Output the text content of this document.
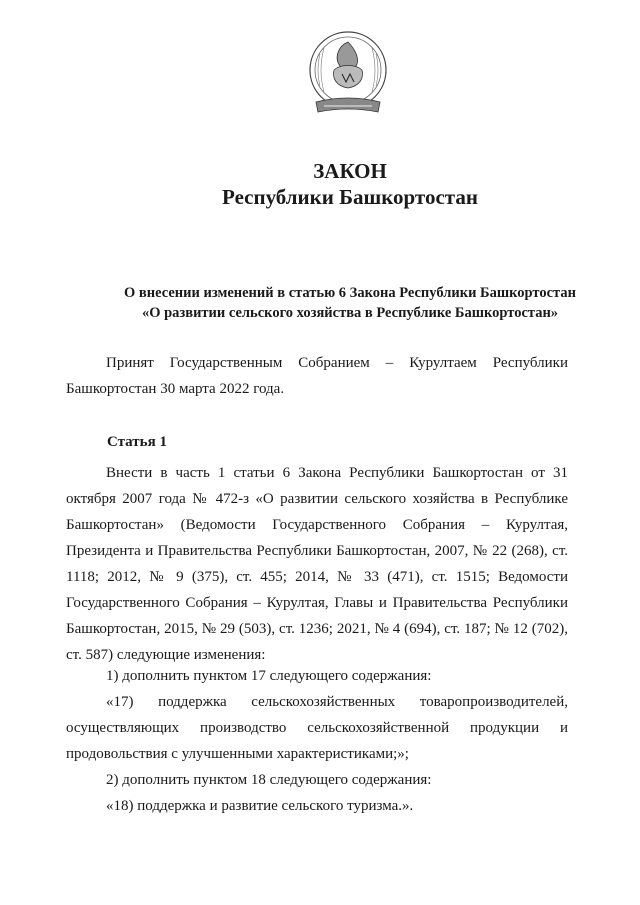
ЗАКОН
Республики Башкортостан
О внесении изменений в статью 6 Закона Республики Башкортостан
«О развитии сельского хозяйства в Республике Башкортостан»

Принят Государственным Собранием – Курултаем Республики Башкортостан 30 марта 2022 года.

Статья 1

Внести в часть 1 статьи 6 Закона Республики Башкортостан от 31 октября 2007 года № 472-з «О развитии сельского хозяйства в Республике Башкортостан» (Ведомости Государственного Собрания – Курултая, Президента и Правительства Республики Башкортостан, 2007, № 22 (268), ст. 1118; 2012, № 9 (375), ст. 455; 2014, № 33 (471), ст. 1515; Ведомости Государственного Собрания – Курултая, Главы и Правительства Республики Башкортостан, 2015, № 29 (503), ст. 1236; 2021, № 4 (694), ст. 187; № 12 (702), ст. 587) следующие изменения:

1) дополнить пунктом 17 следующего содержания:

«17) поддержка сельскохозяйственных товаропроизводителей, осуществляющих производство сельскохозяйственной продукции и продовольствия с улучшенными характеристиками;»;

2) дополнить пунктом 18 следующего содержания:

«18) поддержка и развитие сельского туризма.».
